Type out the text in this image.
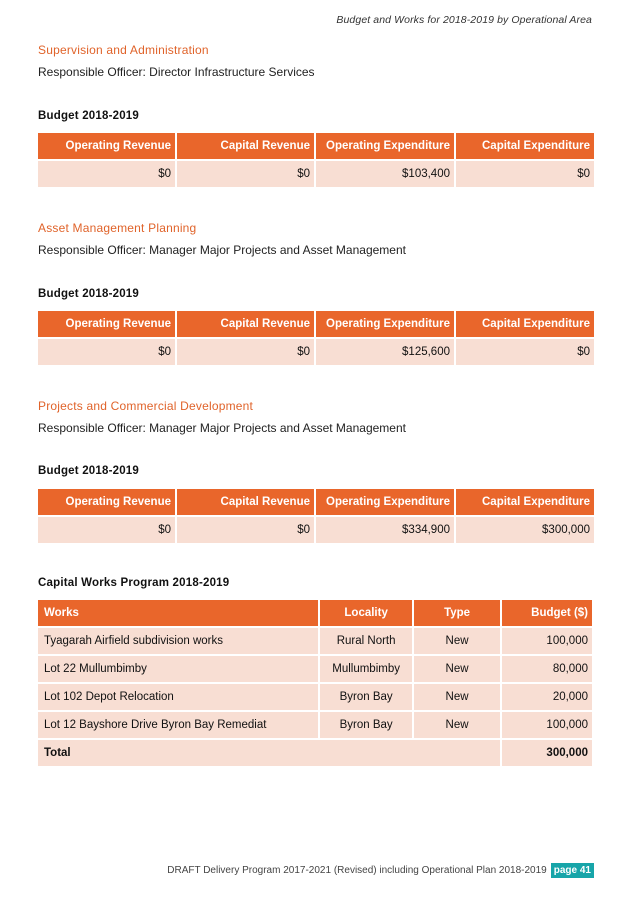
Budget and Works for 2018-2019 by Operational Area

Supervision and Administration

Responsible Officer: Director Infrastructure Services

Budget 2018-2019

Operating Revenue	Capital Revenue	Operating Expenditure	Capital Expenditure
$0	$0	$103,400	$0

Asset Management Planning

Responsible Officer: Manager Major Projects and Asset Management

Budget 2018-2019

Operating Revenue	Capital Revenue	Operating Expenditure	Capital Expenditure
$0	$0	$125,600	$0

Projects and Commercial Development

Responsible Officer: Manager Major Projects and Asset Management

Budget 2018-2019

Operating Revenue	Capital Revenue	Operating Expenditure	Capital Expenditure
$0	$0	$334,900	$300,000

Capital Works Program 2018-2019

Works	Locality	Type	Budget ($)
Tyagarah Airfield subdivision works	Rural North	New	100,000
Lot 22 Mullumbimby	Mullumbimby	New	80,000
Lot 102 Depot Relocation	Byron Bay	New	20,000
Lot 12 Bayshore Drive Byron Bay Remediat	Byron Bay	New	100,000
Total			300,000
DRAFT Delivery Program 2017-2021 (Revised) including Operational Plan 2018-2019 page 41
